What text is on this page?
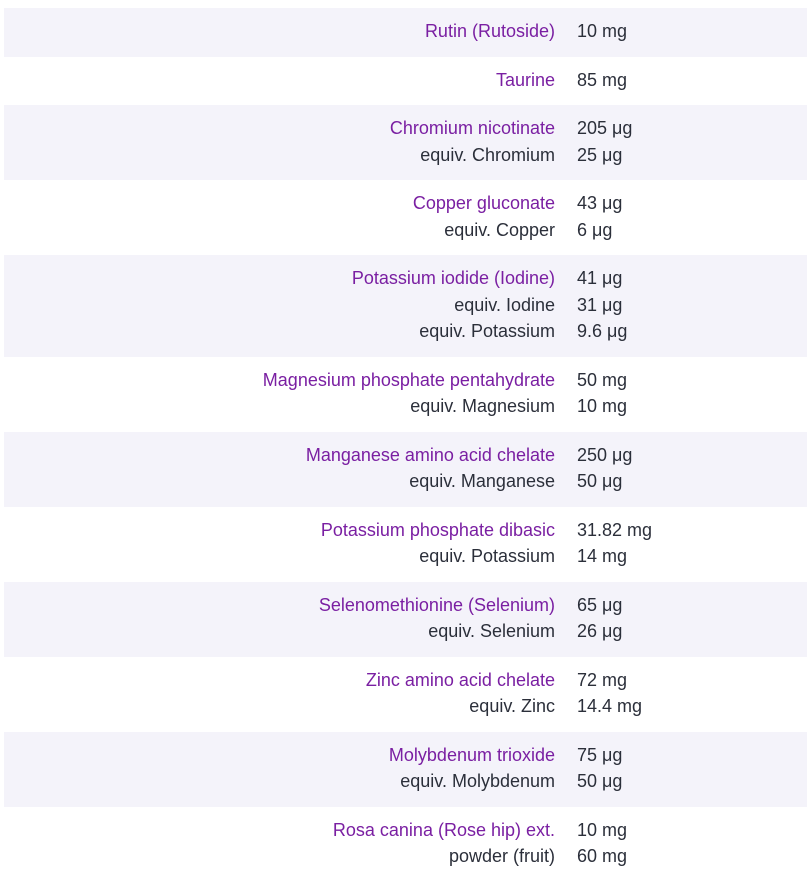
Rutin (Rutoside) 10 mg
Taurine 85 mg
Chromium nicotinate
equiv. Chromium
205 μg
25 μg
Copper gluconate
equiv. Copper
43 μg
6 μg
Potassium iodide (Iodine)
equiv. Iodine
equiv. Potassium
41 μg
31 μg
9.6 μg
Magnesium phosphate pentahydrate
equiv. Magnesium
50 mg
10 mg
Manganese amino acid chelate
equiv. Manganese
250 μg
50 μg
Potassium phosphate dibasic
equiv. Potassium
31.82 mg
14 mg
Selenomethionine (Selenium)
equiv. Selenium
65 μg
26 μg
Zinc amino acid chelate
equiv. Zinc
72 mg
14.4 mg
Molybdenum trioxide
equiv. Molybdenum
75 μg
50 μg
Rosa canina (Rose hip) ext.
powder (fruit)
10 mg
60 mg
